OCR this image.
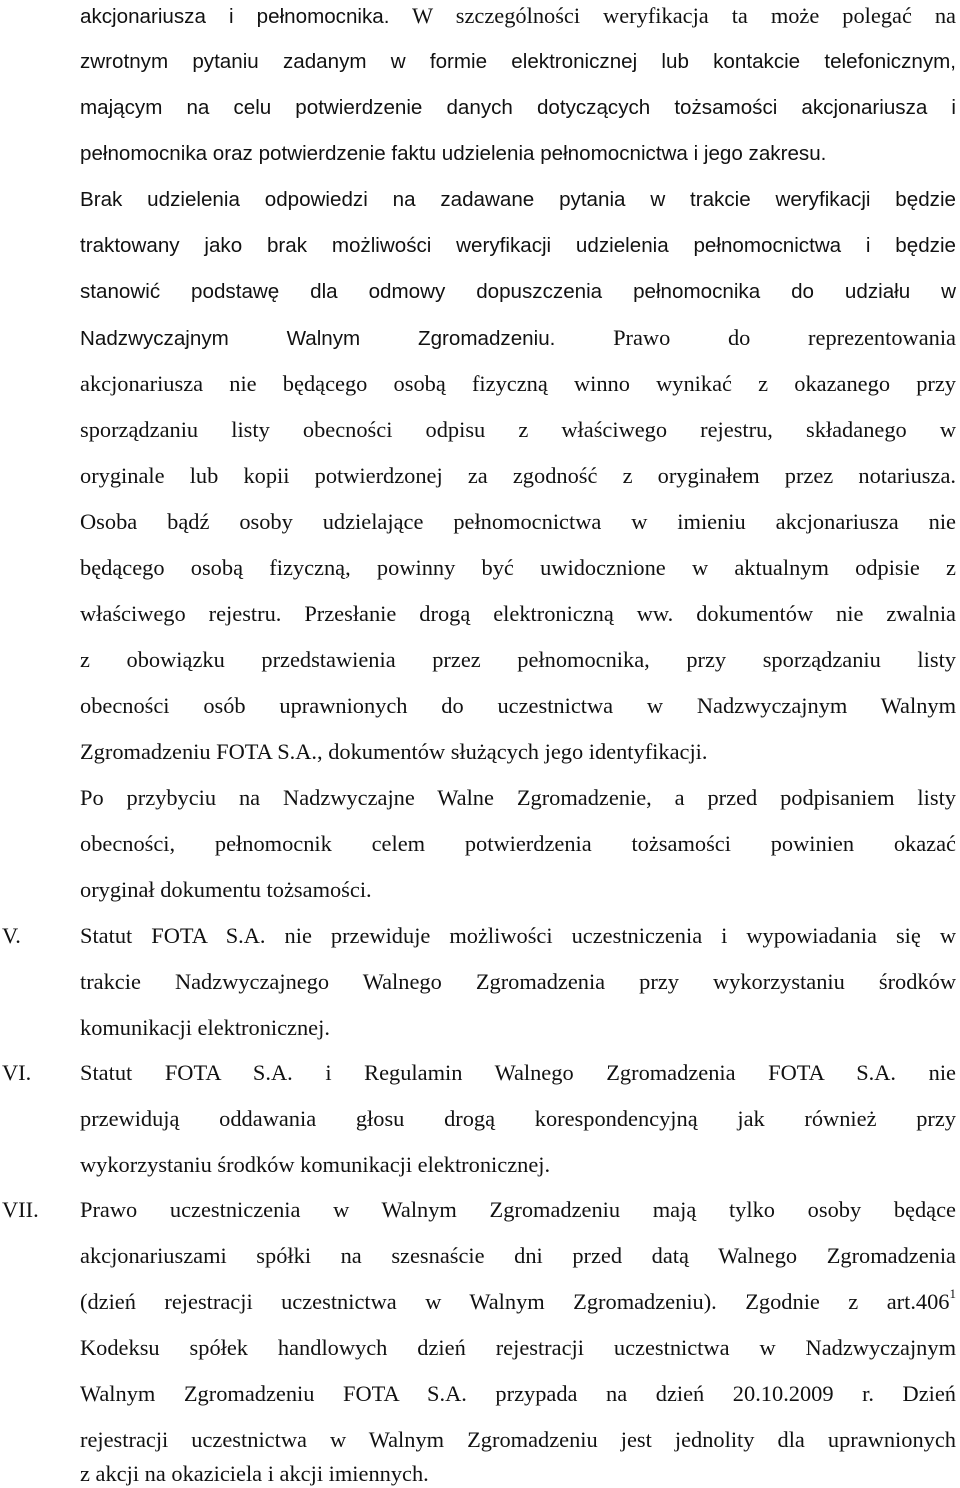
akcjonariusza i pełnomocnika. W szczególności weryfikacja ta może polegać na
zwrotnym pytaniu zadanym w formie elektronicznej lub kontakcie telefonicznym,
mającym na celu potwierdzenie danych dotyczących tożsamości akcjonariusza i
pełnomocnika oraz potwierdzenie faktu udzielenia pełnomocnictwa i jego zakresu.
Brak udzielenia odpowiedzi na zadawane pytania w trakcie weryfikacji będzie
traktowany jako brak możliwości weryfikacji udzielenia pełnomocnictwa i będzie
stanowić podstawę dla odmowy dopuszczenia pełnomocnika do udziału w
Nadzwyczajnym Walnym Zgromadzeniu. Prawo do reprezentowania
akcjonariusza nie będącego osobą fizyczną winno wynikać z okazanego przy
sporządzaniu listy obecności odpisu z właściwego rejestru, składanego w
oryginale lub kopii potwierdzonej za zgodność z oryginałem przez notariusza.
Osoba bądź osoby udzielające pełnomocnictwa w imieniu akcjonariusza nie
będącego osobą fizyczną, powinny być uwidocznione w aktualnym odpisie z
właściwego rejestru. Przesłanie drogą elektroniczną ww. dokumentów nie zwalnia
z obowiązku przedstawienia przez pełnomocnika, przy sporządzaniu listy
obecności osób uprawnionych do uczestnictwa w Nadzwyczajnym Walnym
Zgromadzeniu FOTA S.A., dokumentów służących jego identyfikacji.
Po przybyciu na Nadzwyczajne Walne Zgromadzenie, a przed podpisaniem listy
obecności, pełnomocnik celem potwierdzenia tożsamości powinien okazać
oryginał dokumentu tożsamości.
V.	Statut FOTA S.A. nie przewiduje możliwości uczestniczenia i wypowiadania się w
trakcie Nadzwyczajnego Walnego Zgromadzenia przy wykorzystaniu środków
komunikacji elektronicznej.
VI. Statut FOTA S.A. i Regulamin Walnego Zgromadzenia FOTA S.A. nie
przewidują oddawania głosu drogą korespondencyjną jak również przy
wykorzystaniu środków komunikacji elektronicznej.
VII. Prawo uczestniczenia w Walnym Zgromadzeniu mają tylko osoby będące
akcjonariuszami spółki na szesnaście dni przed datą Walnego Zgromadzenia
(dzień rejestracji uczestnictwa w Walnym Zgromadzeniu). Zgodnie z art.406$^1$
Kodeksu spółek handlowych dzień rejestracji uczestnictwa w Nadzwyczajnym
Walnym Zgromadzeniu FOTA S.A. przypada na dzień 20.10.2009 r. Dzień
rejestracji uczestnictwa w Walnym Zgromadzeniu jest jednolity dla uprawnionych
z akcji na okaziciela i akcji imiennych.
